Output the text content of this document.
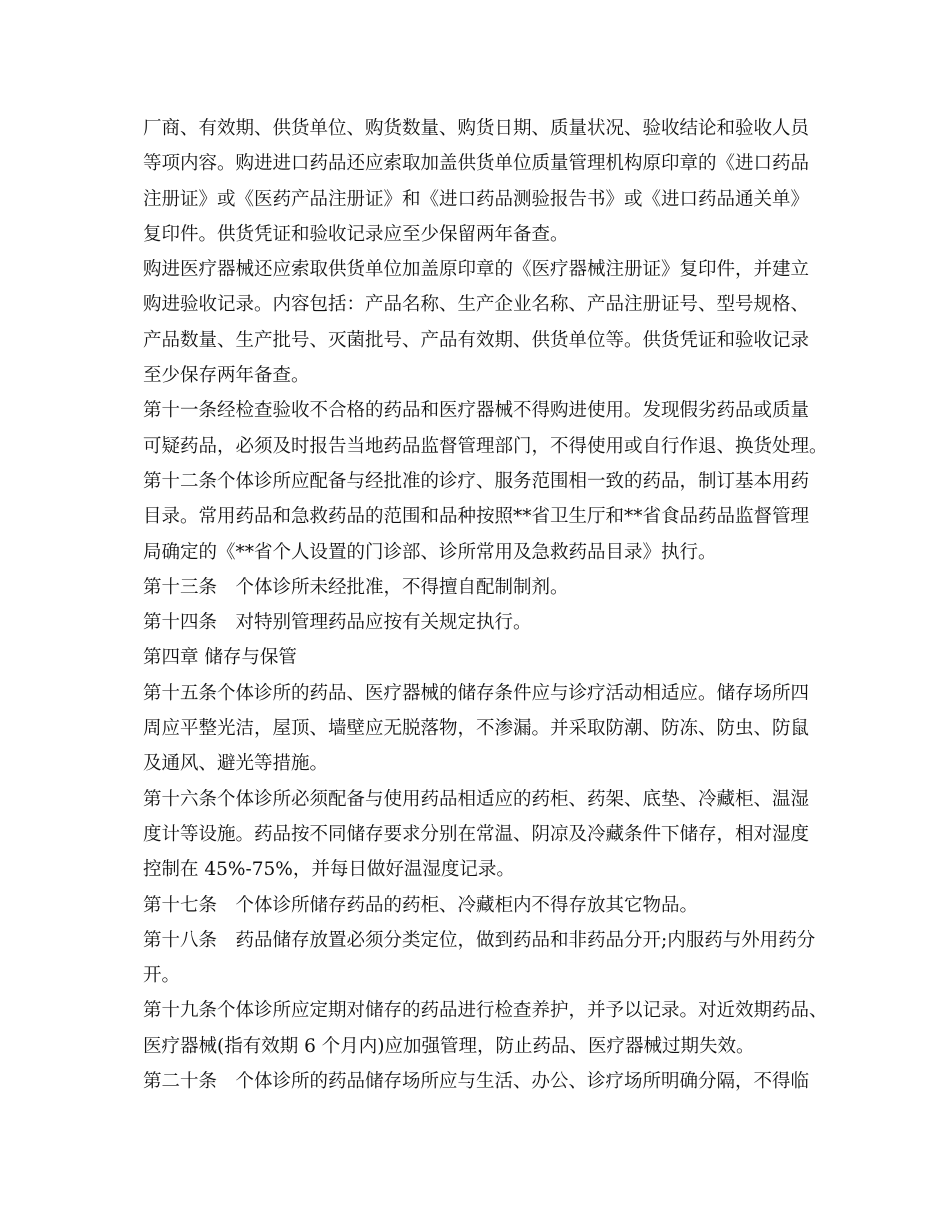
厂商、有效期、供货单位、购货数量、购货日期、质量状况、验收结论和验收人员
等项内容。购进进口药品还应索取加盖供货单位质量管理机构原印章的《进口药品
注册证》或《医药产品注册证》和《进口药品测验报告书》或《进口药品通关单》
复印件。供货凭证和验收记录应至少保留两年备查。
购进医疗器械还应索取供货单位加盖原印章的《医疗器械注册证》复印件，并建立
购进验收记录。内容包括：产品名称、生产企业名称、产品注册证号、型号规格、
产品数量、生产批号、灭菌批号、产品有效期、供货单位等。供货凭证和验收记录
至少保存两年备查。
第十一条经检查验收不合格的药品和医疗器械不得购进使用。发现假劣药品或质量
可疑药品，必须及时报告当地药品监督管理部门，不得使用或自行作退、换货处理。
第十二条个体诊所应配备与经批准的诊疗、服务范围相一致的药品，制订基本用药
目录。常用药品和急救药品的范围和品种按照**省卫生厅和**省食品药品监督管理
局确定的《**省个人设置的门诊部、诊所常用及急救药品目录》执行。
第十三条　个体诊所未经批准，不得擅自配制制剂。
第十四条　对特别管理药品应按有关规定执行。
第四章 储存与保管
第十五条个体诊所的药品、医疗器械的储存条件应与诊疗活动相适应。储存场所四
周应平整光洁，屋顶、墙壁应无脱落物，不渗漏。并采取防潮、防冻、防虫、防鼠
及通风、避光等措施。
第十六条个体诊所必须配备与使用药品相适应的药柜、药架、底垫、冷藏柜、温湿
度计等设施。药品按不同储存要求分别在常温、阴凉及冷藏条件下储存，相对湿度
控制在 45%-75%，并每日做好温湿度记录。
第十七条　个体诊所储存药品的药柜、冷藏柜内不得存放其它物品。
第十八条　药品储存放置必须分类定位，做到药品和非药品分开;内服药与外用药分
开。
第十九条个体诊所应定期对储存的药品进行检查养护，并予以记录。对近效期药品、
医疗器械(指有效期 6 个月内)应加强管理，防止药品、医疗器械过期失效。
第二十条　个体诊所的药品储存场所应与生活、办公、诊疗场所明确分隔，不得临
